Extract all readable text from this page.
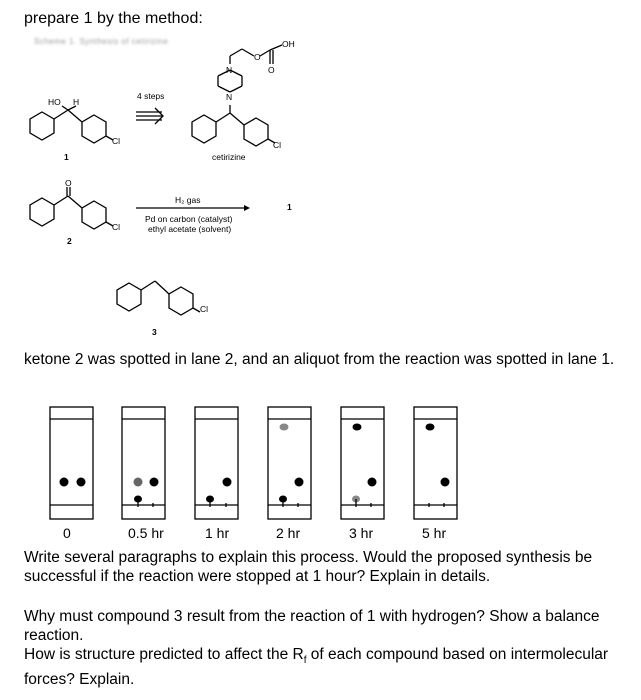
prepare 1 by the method:
Scheme 1. Synthesis of cetirizine
HO H
Cl
1
4 steps
N
N
O
O
OH
Cl
cetirizine
O
Cl
2
H₂ gas
Pd on carbon (catalyst)
ethyl acetate (solvent)
1
Cl
3
ketone 2 was spotted in lane 2, and an aliquot from the reaction was spotted in lane 1.
0	0.5 hr	1 hr	2 hr	3 hr	5 hr
Write several paragraphs to explain this process. Would the proposed synthesis be successful if the reaction were stopped at 1 hour? Explain in details.
Why must compound 3 result from the reaction of 1 with hydrogen? Show a balance reaction.
How is structure predicted to affect the $R_f$ of each compound based on intermolecular forces? Explain.
